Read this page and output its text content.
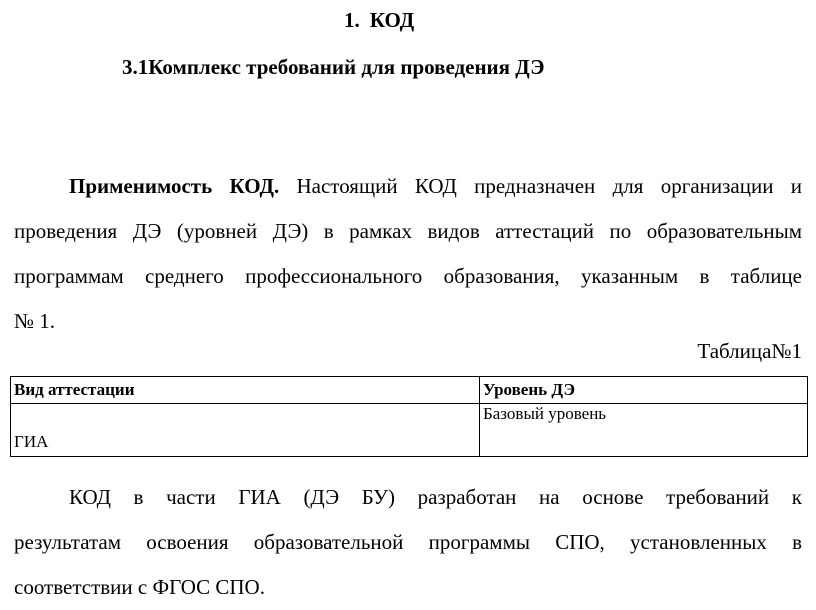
1. КОД
3.1Комплекс требований для проведения ДЭ
Применимость КОД. Настоящий КОД предназначен для организации и
проведения ДЭ (уровней ДЭ) в рамках видов аттестаций по образовательным
программам среднего профессионального образования, указанным в таблице
№ 1.
Таблица№1
Вид аттестации	Уровень ДЭ
ГИА	Базовый уровень
КОД в части ГИА (ДЭ БУ) разработан на основе требований к
результатам освоения образовательной программы СПО, установленных в
соответствии с ФГОС СПО.
